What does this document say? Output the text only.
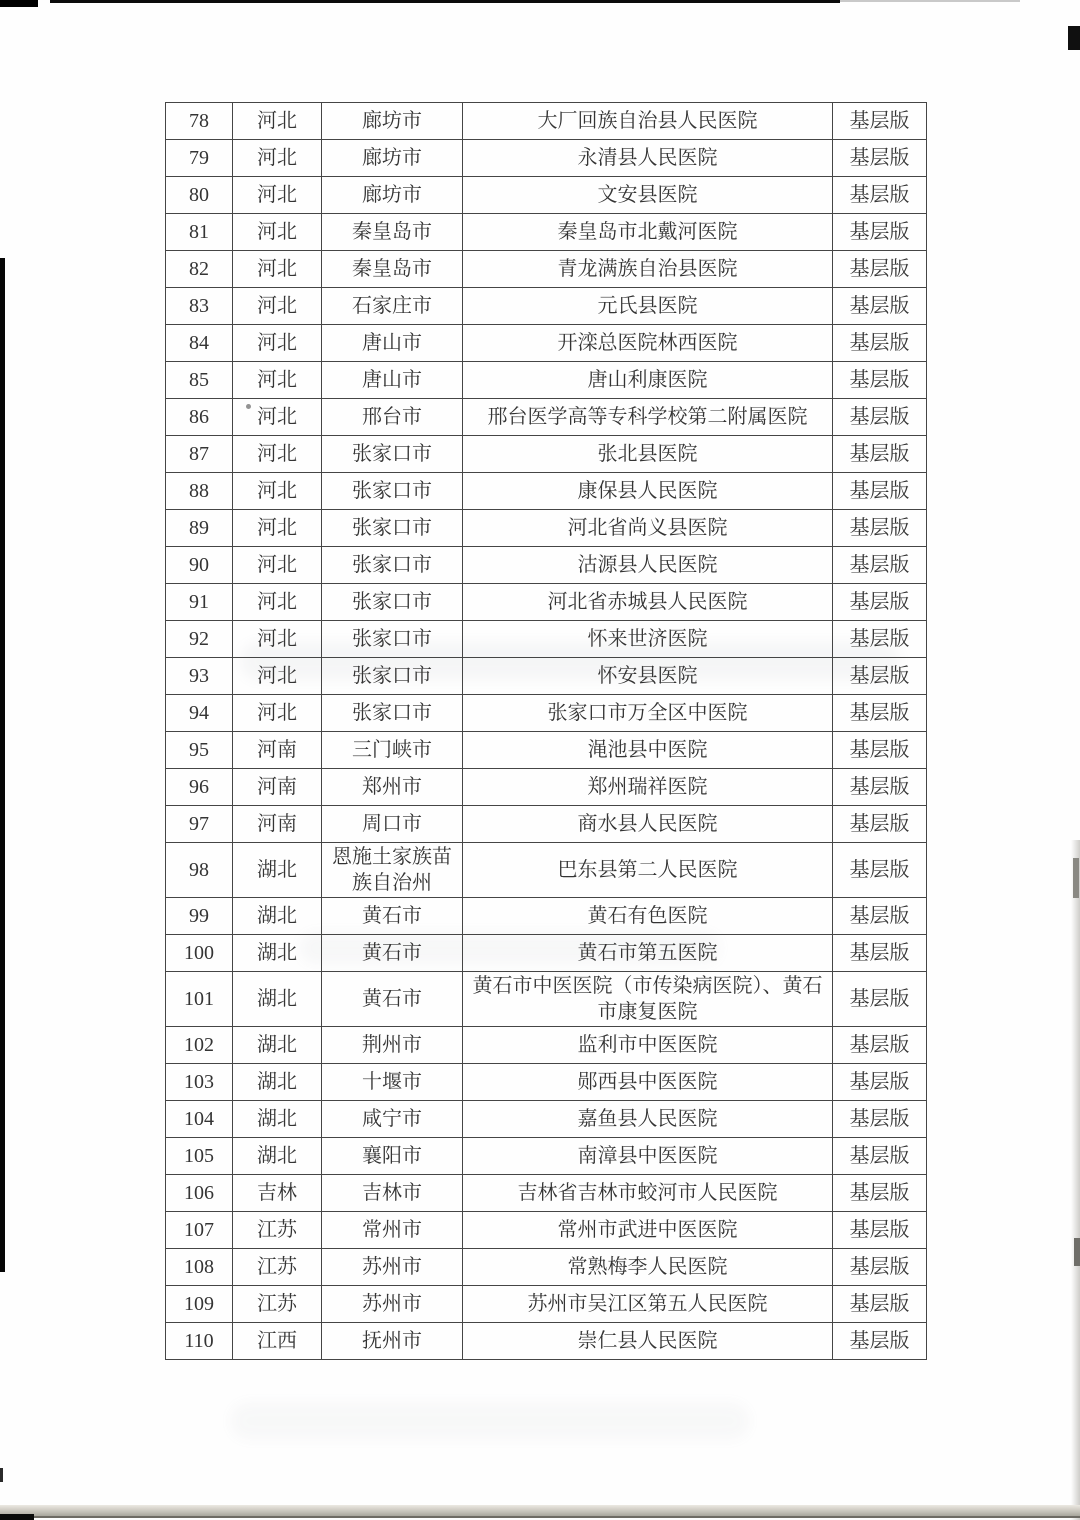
78	河北	廊坊市	大厂回族自治县人民医院	基层版
79	河北	廊坊市	永清县人民医院	基层版
80	河北	廊坊市	文安县医院	基层版
81	河北	秦皇岛市	秦皇岛市北戴河医院	基层版
82	河北	秦皇岛市	青龙满族自治县医院	基层版
83	河北	石家庄市	元氏县医院	基层版
84	河北	唐山市	开滦总医院林西医院	基层版
85	河北	唐山市	唐山利康医院	基层版
86	河北	邢台市	邢台医学高等专科学校第二附属医院	基层版
87	河北	张家口市	张北县医院	基层版
88	河北	张家口市	康保县人民医院	基层版
89	河北	张家口市	河北省尚义县医院	基层版
90	河北	张家口市	沽源县人民医院	基层版
91	河北	张家口市	河北省赤城县人民医院	基层版
92	河北	张家口市	怀来世济医院	基层版
93	河北	张家口市	怀安县医院	基层版
94	河北	张家口市	张家口市万全区中医院	基层版
95	河南	三门峡市	渑池县中医院	基层版
96	河南	郑州市	郑州瑞祥医院	基层版
97	河南	周口市	商水县人民医院	基层版
98	湖北	恩施土家族苗族自治州	巴东县第二人民医院	基层版
99	湖北	黄石市	黄石有色医院	基层版
100	湖北	黄石市	黄石市第五医院	基层版
101	湖北	黄石市	黄石市中医医院（市传染病医院）、黄石市康复医院	基层版
102	湖北	荆州市	监利市中医医院	基层版
103	湖北	十堰市	郧西县中医医院	基层版
104	湖北	咸宁市	嘉鱼县人民医院	基层版
105	湖北	襄阳市	南漳县中医医院	基层版
106	吉林	吉林市	吉林省吉林市蛟河市人民医院	基层版
107	江苏	常州市	常州市武进中医医院	基层版
108	江苏	苏州市	常熟梅李人民医院	基层版
109	江苏	苏州市	苏州市吴江区第五人民医院	基层版
110	江西	抚州市	崇仁县人民医院	基层版
